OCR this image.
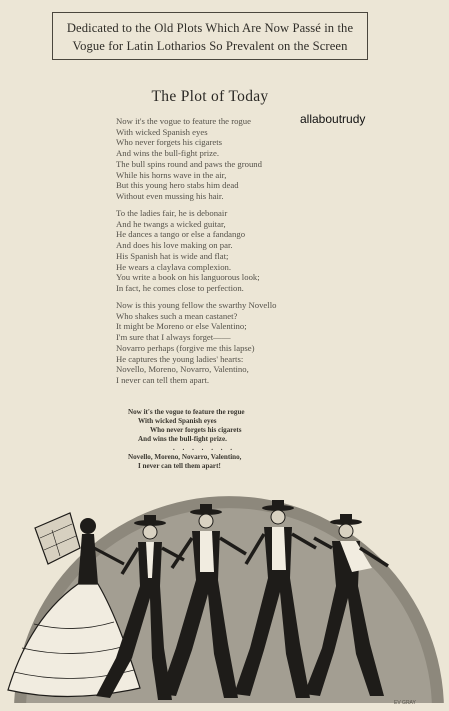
Dedicated to the Old Plots Which Are Now Passé in the
Vogue for Latin Lotharios So Prevalent on the Screen
The Plot of Today
allaboutrudy
Now it's the vogue to feature the rogue
With wicked Spanish eyes
Who never forgets his cigarets
And wins the bull-fight prize.
The bull spins round and paws the ground
While his horns wave in the air,
But this young hero stabs him dead
Without even mussing his hair.
To the ladies fair, he is debonair
And he twangs a wicked guitar,
He dances a tango or else a fandango
And does his love making on par.
His Spanish hat is wide and flat;
He wears a claylava complexion.
You write a book on his languorous look;
In fact, he comes close to perfection.
Now is this young fellow the swarthy Novello
Who shakes such a mean castanet?
It might be Moreno or else Valentino;
I'm sure that I always forget——
Novarro perhaps (forgive me this lapse)
He captures the young ladies' hearts:
Novello, Moreno, Novarro, Valentino,
I never can tell them apart.
Now it's the vogue to feature the rogue
With wicked Spanish eyes
Who never forgets his cigarets
And wins the bull-fight prize.
. . . . . . .
Novello, Moreno, Novarro, Valentino,
I never can tell them apart!
EV GRAY
